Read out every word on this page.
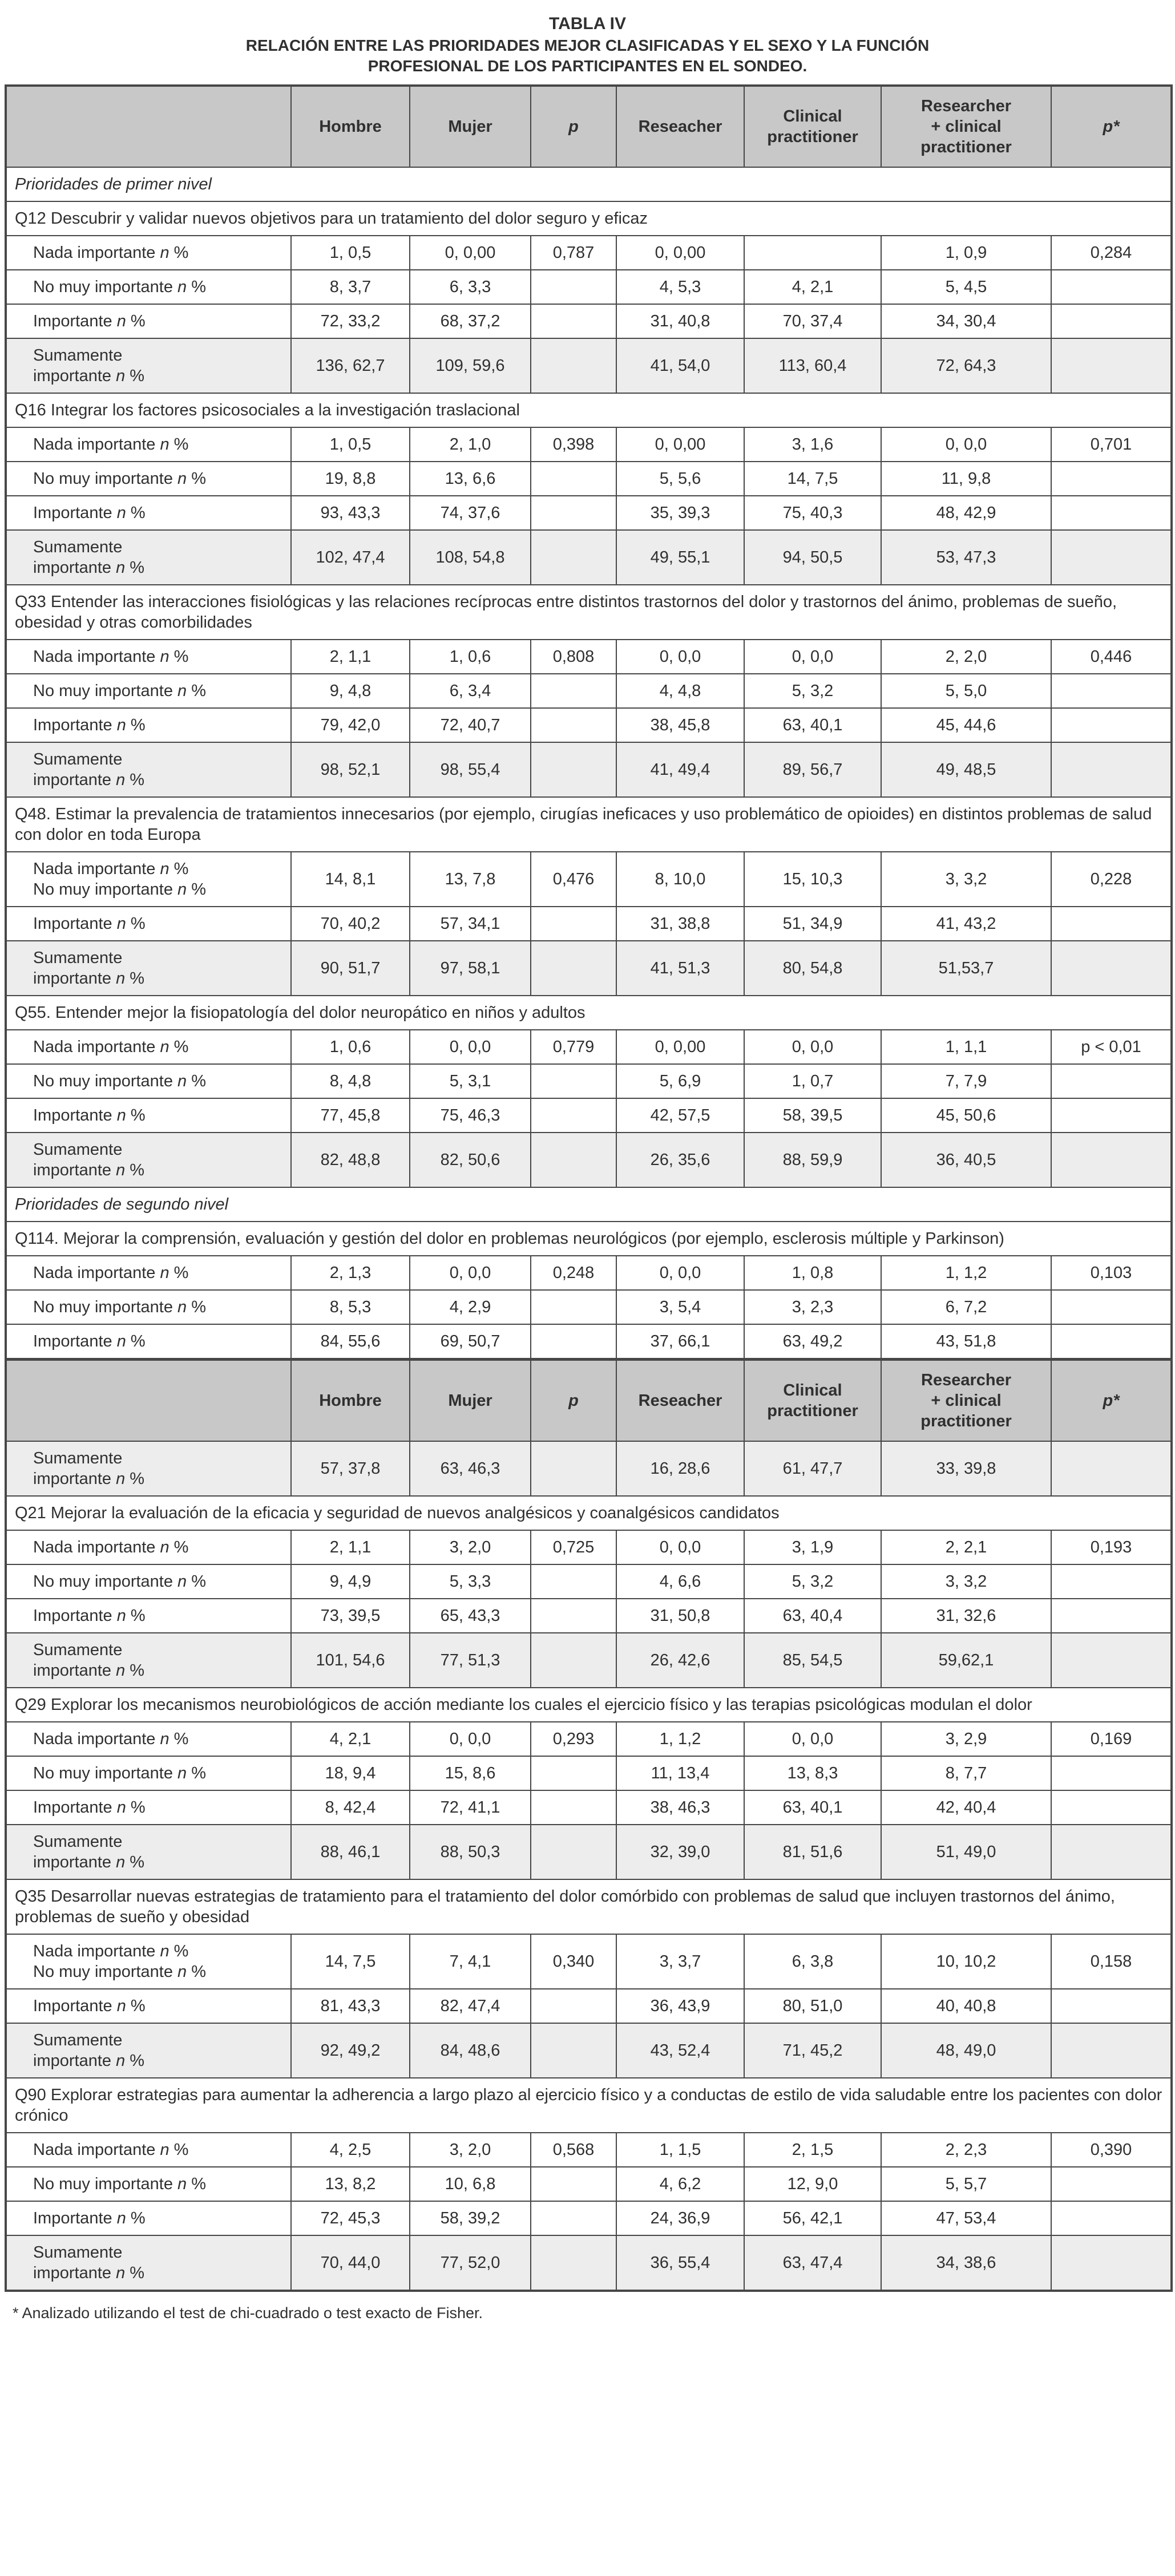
TABLA IV
RELACIÓN ENTRE LAS PRIORIDADES MEJOR CLASIFICADAS Y EL SEXO Y LA FUNCIÓN PROFESIONAL DE LOS PARTICIPANTES EN EL SONDEO.
	Hombre	Mujer	p	Reseacher	Clinical practitioner	Researcher + clinical practitioner	p*
Prioridades de primer nivel							
Q12 Descubrir y validar nuevos objetivos para un tratamiento del dolor seguro y eficaz							
Nada importante n %	1, 0,5	0, 0,00	0,787	0, 0,00		1, 0,9	0,284
No muy importante n %	8, 3,7	6, 3,3		4, 5,3	4, 2,1	5, 4,5	
Importante n %	72, 33,2	68, 37,2		31, 40,8	70, 37,4	34, 30,4	
Sumamente
importante n %	136, 62,7	109, 59,6		41, 54,0	113, 60,4	72, 64,3	
Q16 Integrar los factores psicosociales a la investigación traslacional							
Nada importante n %	1, 0,5	2, 1,0	0,398	0, 0,00	3, 1,6	0, 0,0	0,701
No muy importante n %	19, 8,8	13, 6,6		5, 5,6	14, 7,5	11, 9,8	
Importante n %	93, 43,3	74, 37,6		35, 39,3	75, 40,3	48, 42,9	
Sumamente
importante n %	102, 47,4	108, 54,8		49, 55,1	94, 50,5	53, 47,3	
Q33 Entender las interacciones fisiológicas y las relaciones recíprocas entre distintos trastornos del dolor y trastornos del ánimo, problemas de sueño, obesidad y otras comorbilidades							
Nada importante n %	2, 1,1	1, 0,6	0,808	0, 0,0	0, 0,0	2, 2,0	0,446
No muy importante n %	9, 4,8	6, 3,4		4, 4,8	5, 3,2	5, 5,0	
Importante n %	79, 42,0	72, 40,7		38, 45,8	63, 40,1	45, 44,6	
Sumamente
importante n %	98, 52,1	98, 55,4		41, 49,4	89, 56,7	49, 48,5	
Q48. Estimar la prevalencia de tratamientos innecesarios (por ejemplo, cirugías ineficaces y uso problemático de opioides) en distintos problemas de salud con dolor en toda Europa							
Nada importante n %
No muy importante n %	14, 8,1	13, 7,8	0,476	8, 10,0	15, 10,3	3, 3,2	0,228
Importante n %	70, 40,2	57, 34,1		31, 38,8	51, 34,9	41, 43,2	
Sumamente
importante n %	90, 51,7	97, 58,1		41, 51,3	80, 54,8	51,53,7	
Q55. Entender mejor la fisiopatología del dolor neuropático en niños y adultos							
Nada importante n %	1, 0,6	0, 0,0	0,779	0, 0,00	0, 0,0	1, 1,1	p < 0,01
No muy importante n %	8, 4,8	5, 3,1		5, 6,9	1, 0,7	7, 7,9	
Importante n %	77, 45,8	75, 46,3		42, 57,5	58, 39,5	45, 50,6	
Sumamente
importante n %	82, 48,8	82, 50,6		26, 35,6	88, 59,9	36, 40,5	
Prioridades de segundo nivel							
Q114. Mejorar la comprensión, evaluación y gestión del dolor en problemas neurológicos (por ejemplo, esclerosis múltiple y Parkinson)							
Nada importante n %	2, 1,3	0, 0,0	0,248	0, 0,0	1, 0,8	1, 1,2	0,103
No muy importante n %	8, 5,3	4, 2,9		3, 5,4	3, 2,3	6, 7,2	
Importante n %	84, 55,6	69, 50,7		37, 66,1	63, 49,2	43, 51,8	
	Hombre	Mujer	p	Reseacher	Clinical practitioner	Researcher + clinical practitioner	p*
Sumamente
importante n %	57, 37,8	63, 46,3		16, 28,6	61, 47,7	33, 39,8	
Q21 Mejorar la evaluación de la eficacia y seguridad de nuevos analgésicos y coanalgésicos candidatos							
Nada importante n %	2, 1,1	3, 2,0	0,725	0, 0,0	3, 1,9	2, 2,1	0,193
No muy importante n %	9, 4,9	5, 3,3		4, 6,6	5, 3,2	3, 3,2	
Importante n %	73, 39,5	65, 43,3		31, 50,8	63, 40,4	31, 32,6	
Sumamente
importante n %	101, 54,6	77, 51,3		26, 42,6	85, 54,5	59,62,1	
Q29 Explorar los mecanismos neurobiológicos de acción mediante los cuales el ejercicio físico y las terapias psicológicas modulan el dolor							
Nada importante n %	4, 2,1	0, 0,0	0,293	1, 1,2	0, 0,0	3, 2,9	0,169
No muy importante n %	18, 9,4	15, 8,6		11, 13,4	13, 8,3	8, 7,7	
Importante n %	8, 42,4	72, 41,1		38, 46,3	63, 40,1	42, 40,4	
Sumamente
importante n %	88, 46,1	88, 50,3		32, 39,0	81, 51,6	51, 49,0	
Q35 Desarrollar nuevas estrategias de tratamiento para el tratamiento del dolor comórbido con problemas de salud que incluyen trastornos del ánimo, problemas de sueño y obesidad							
Nada importante n %
No muy importante n %	14, 7,5	7, 4,1	0,340	3, 3,7	6, 3,8	10, 10,2	0,158
Importante n %	81, 43,3	82, 47,4		36, 43,9	80, 51,0	40, 40,8	
Sumamente
importante n %	92, 49,2	84, 48,6		43, 52,4	71, 45,2	48, 49,0	
Q90 Explorar estrategias para aumentar la adherencia a largo plazo al ejercicio físico y a conductas de estilo de vida saludable entre los pacientes con dolor crónico							
Nada importante n %	4, 2,5	3, 2,0	0,568	1, 1,5	2, 1,5	2, 2,3	0,390
No muy importante n %	13, 8,2	10, 6,8		4, 6,2	12, 9,0	5, 5,7	
Importante n %	72, 45,3	58, 39,2		24, 36,9	56, 42,1	47, 53,4	
Sumamente
importante n %	70, 44,0	77, 52,0		36, 55,4	63, 47,4	34, 38,6	
* Analizado utilizando el test de chi-cuadrado o test exacto de Fisher.
